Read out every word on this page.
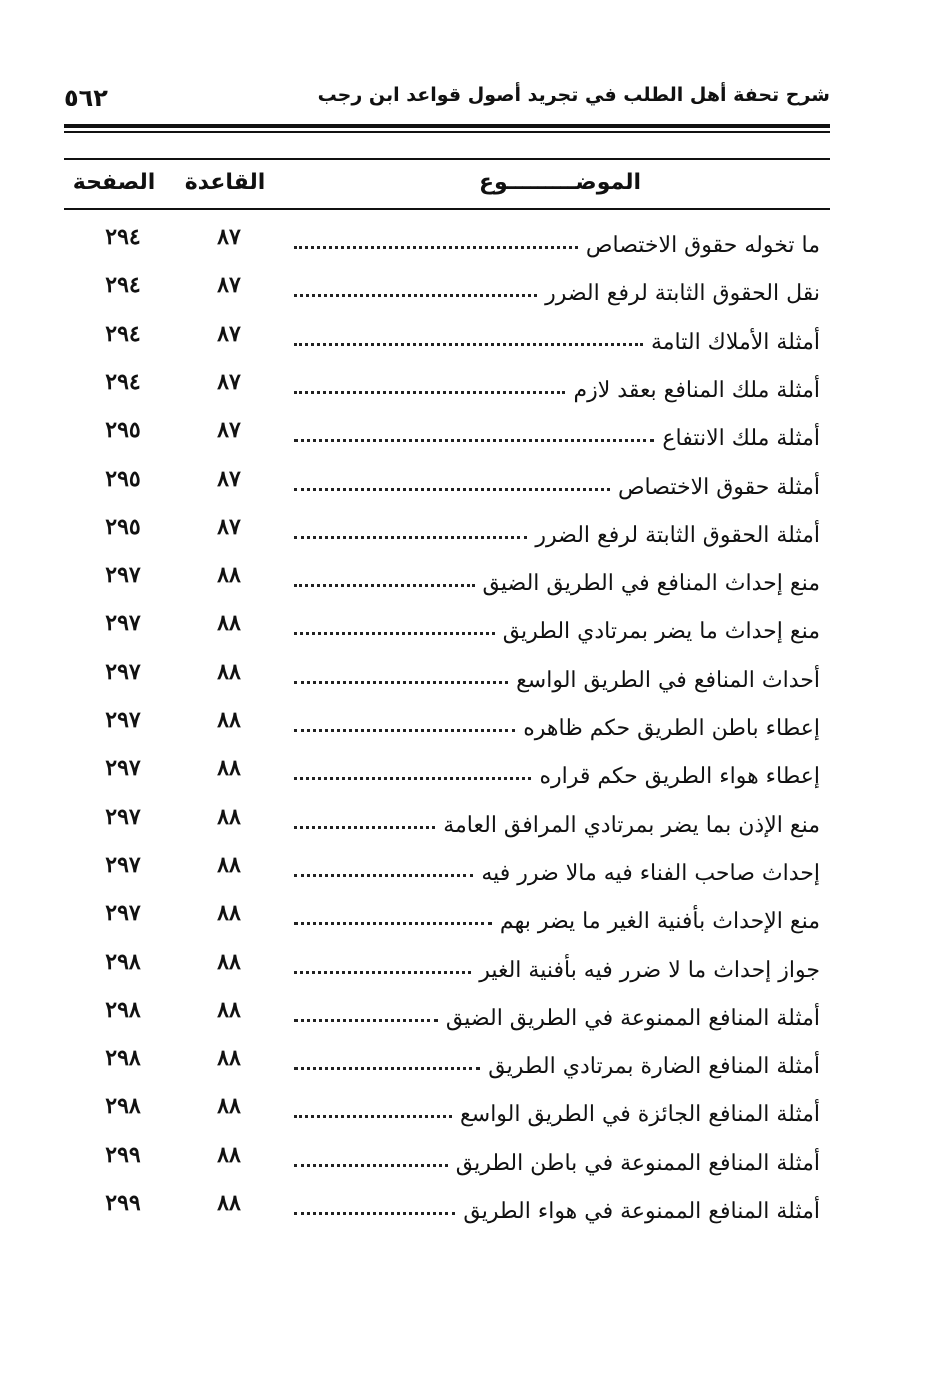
٥٦٢	شرح تحفة أهل الطلب في تجريد أصول قواعد ابن رجب
الموضـــــــــوع
القاعدة
الصفحة
ما تخوله حقوق الاختصاص
٨٧
٢٩٤
نقل الحقوق الثابتة لرفع الضرر
٨٧
٢٩٤
أمثلة الأملاك التامة
٨٧
٢٩٤
أمثلة ملك المنافع بعقد لازم
٨٧
٢٩٤
أمثلة ملك الانتفاع
٨٧
٢٩٥
أمثلة حقوق الاختصاص
٨٧
٢٩٥
أمثلة الحقوق الثابتة لرفع الضرر
٨٧
٢٩٥
منع إحداث المنافع في الطريق الضيق
٨٨
٢٩٧
منع إحداث ما يضر بمرتادي الطريق
٨٨
٢٩٧
أحداث المنافع في الطريق الواسع
٨٨
٢٩٧
إعطاء باطن الطريق حكم ظاهره
٨٨
٢٩٧
إعطاء هواء الطريق حكم قراره
٨٨
٢٩٧
منع الإذن بما يضر بمرتادي المرافق العامة
٨٨
٢٩٧
إحداث صاحب الفناء فيه مالا ضرر فيه
٨٨
٢٩٧
منع الإحداث بأفنية الغير ما يضر بهم
٨٨
٢٩٧
جواز إحداث ما لا ضرر فيه بأفنية الغير
٨٨
٢٩٨
أمثلة المنافع الممنوعة في الطريق الضيق
٨٨
٢٩٨
أمثلة المنافع الضارة بمرتادي الطريق
٨٨
٢٩٨
أمثلة المنافع الجائزة في الطريق الواسع
٨٨
٢٩٨
أمثلة المنافع الممنوعة في باطن الطريق
٨٨
٢٩٩
أمثلة المنافع الممنوعة في هواء الطريق
٨٨
٢٩٩
